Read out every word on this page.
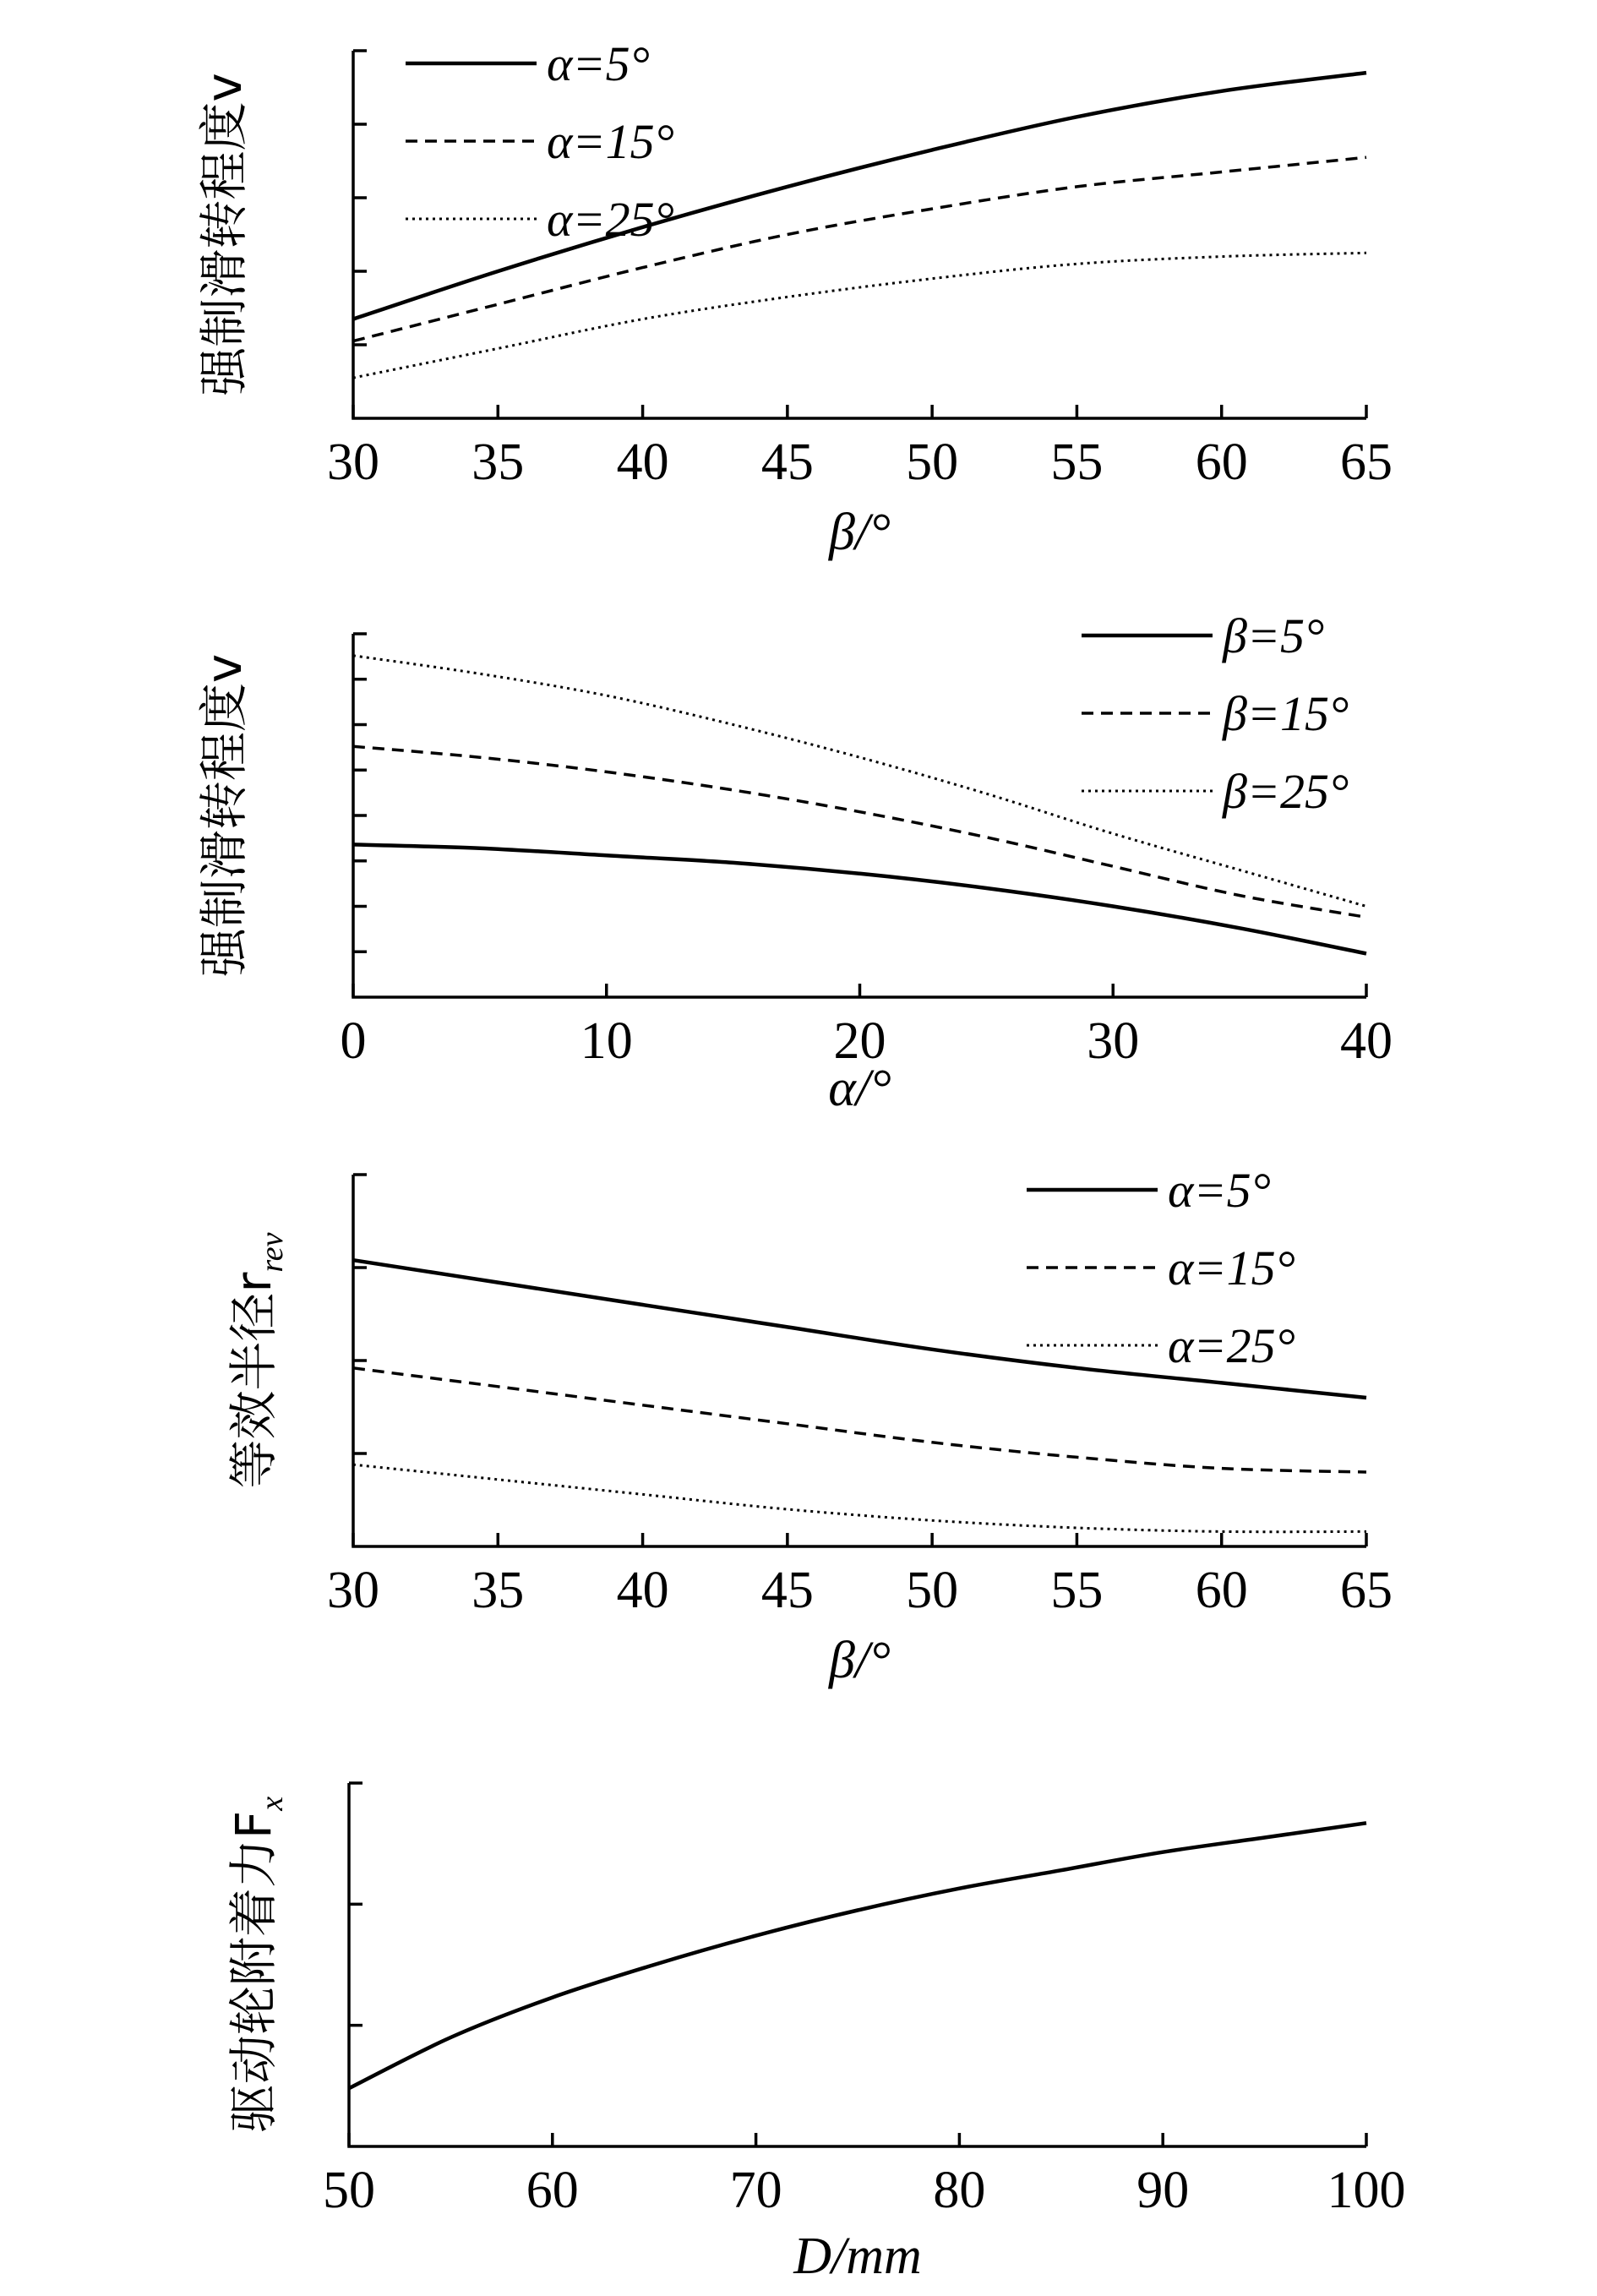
30 35 40 45 50 55 60 65
β/°
强制滑转程度v
α=5°
α=15°
α=25°
0	10	20	30	40
α/°
强制滑转程度v
β=5°
β=15°
β=25°
30 35 40 45 50 55 60 65
β/°
等效半径$r_{rev}$
α=5°
α=15°
α=25°
50	60	70	80	90	100
D/mm
驱动轮附着力$F_x$
